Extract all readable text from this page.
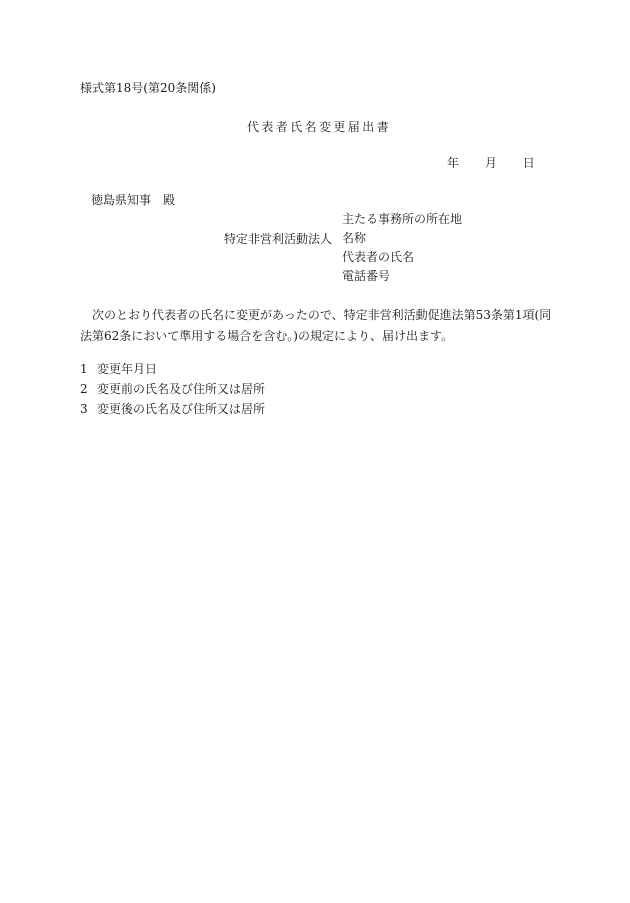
様式第18号(第20条関係)
代表者氏名変更届出書
年 月 日
徳島県知事 殿
特定非営利活動法人
主たる事務所の所在地
名称
代表者の氏名
電話番号
次のとおり代表者の氏名に変更があったので、特定非営利活動促進法第53条第1項(同法第62条において準用する場合を含む。)の規定により、届け出ます。
1 変更年月日
2 変更前の氏名及び住所又は居所
3 変更後の氏名及び住所又は居所
